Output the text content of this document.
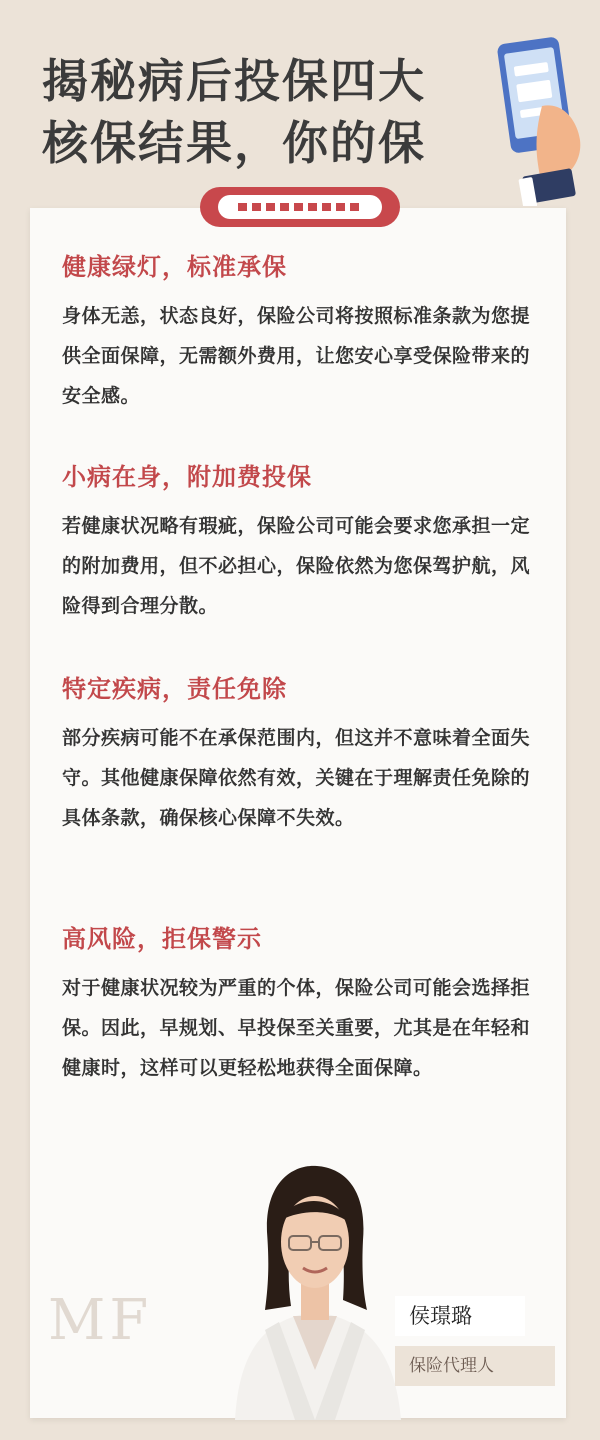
揭秘病后投保四大
核保结果，你的保
健康绿灯，标准承保

身体无恙，状态良好，保险公司将按照标准条款为您提供全面保障，无需额外费用，让您安心享受保险带来的安全感。

小病在身，附加费投保

若健康状况略有瑕疵，保险公司可能会要求您承担一定的附加费用，但不必担心，保险依然为您保驾护航，风险得到合理分散。

特定疾病，责任免除

部分疾病可能不在承保范围内，但这并不意味着全面失守。其他健康保障依然有效，关键在于理解责任免除的具体条款，确保核心保障不失效。

高风险，拒保警示

对于健康状况较为严重的个体，保险公司可能会选择拒保。因此，早规划、早投保至关重要，尤其是在年轻和健康时，这样可以更轻松地获得全面保障。

MF	侯璟璐
保险代理人
